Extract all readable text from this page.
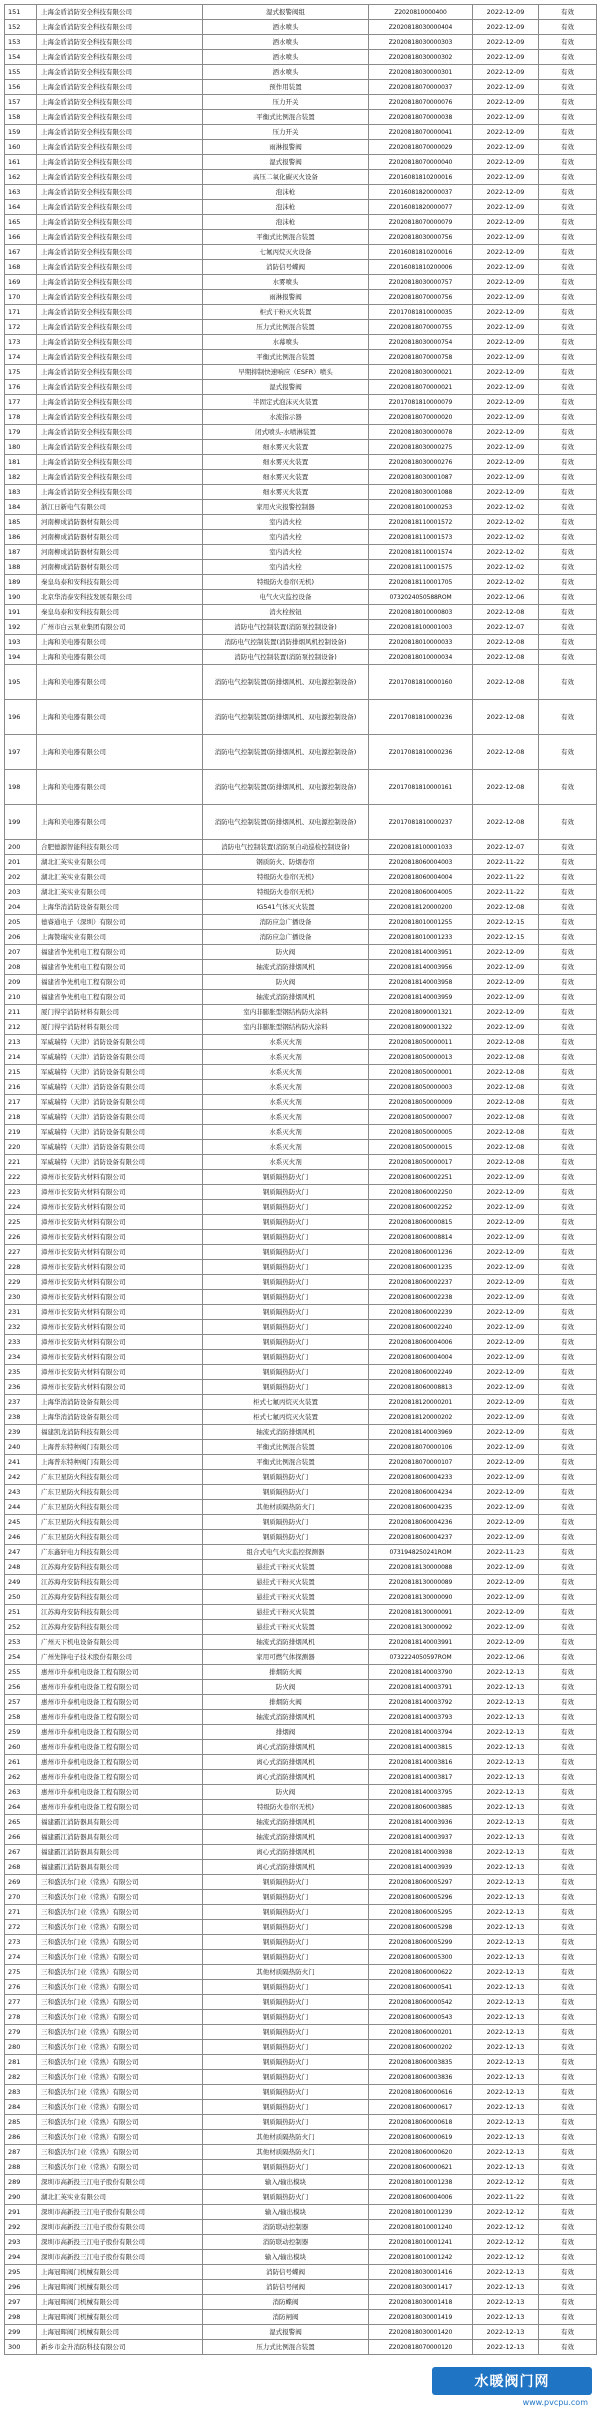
151	上海金盾消防安全科技有限公司	湿式报警阀组	Z2020810000400	2022-12-09	有效
152	上海金盾消防安全科技有限公司	洒水喷头	Z2020818030000404	2022-12-09	有效
153	上海金盾消防安全科技有限公司	洒水喷头	Z2020818030000303	2022-12-09	有效
154	上海金盾消防安全科技有限公司	洒水喷头	Z2020818030000302	2022-12-09	有效
155	上海金盾消防安全科技有限公司	洒水喷头	Z2020818030000301	2022-12-09	有效
156	上海金盾消防安全科技有限公司	预作用装置	Z2020818070000037	2022-12-09	有效
157	上海金盾消防安全科技有限公司	压力开关	Z2020818070000076	2022-12-09	有效
158	上海金盾消防安全科技有限公司	平衡式比例混合装置	Z2020818070000038	2022-12-09	有效
159	上海金盾消防安全科技有限公司	压力开关	Z2020818070000041	2022-12-09	有效
160	上海金盾消防安全科技有限公司	雨淋报警阀	Z2020818070000029	2022-12-09	有效
161	上海金盾消防安全科技有限公司	湿式报警阀	Z2020818070000040	2022-12-09	有效
162	上海金盾消防安全科技有限公司	高压二氧化碳灭火设备	Z2016081810200016	2022-12-09	有效
163	上海金盾消防安全科技有限公司	泡沫枪	Z2016081820000037	2022-12-09	有效
164	上海金盾消防安全科技有限公司	泡沫枪	Z2016081820000077	2022-12-09	有效
165	上海金盾消防安全科技有限公司	泡沫枪	Z2020818070000079	2022-12-09	有效
166	上海金盾消防安全科技有限公司	平衡式比例混合装置	Z2020818030000756	2022-12-09	有效
167	上海金盾消防安全科技有限公司	七氟丙烷灭火设备	Z2016081810200016	2022-12-09	有效
168	上海金盾消防安全科技有限公司	消防信号蝶阀	Z2016081810200006	2022-12-09	有效
169	上海金盾消防安全科技有限公司	水雾喷头	Z2020818030000757	2022-12-09	有效
170	上海金盾消防安全科技有限公司	雨淋报警阀	Z2020818070000756	2022-12-09	有效
171	上海金盾消防安全科技有限公司	柜式干粉灭火装置	Z2017081810000035	2022-12-09	有效
172	上海金盾消防安全科技有限公司	压力式比例混合装置	Z2020818070000755	2022-12-09	有效
173	上海金盾消防安全科技有限公司	水幕喷头	Z2020818030000754	2022-12-09	有效
174	上海金盾消防安全科技有限公司	平衡式比例混合装置	Z2020818070000758	2022-12-09	有效
175	上海金盾消防安全科技有限公司	早期抑制快速响应（ESFR）喷头	Z2020818030000021	2022-12-09	有效
176	上海金盾消防安全科技有限公司	湿式报警阀	Z2020818070000021	2022-12-09	有效
177	上海金盾消防安全科技有限公司	半固定式泡沫灭火装置	Z2017081810000079	2022-12-09	有效
178	上海金盾消防安全科技有限公司	水流指示器	Z2020818070000020	2022-12-09	有效
179	上海金盾消防安全科技有限公司	闭式喷头-水喷淋装置	Z2020818030000078	2022-12-09	有效
180	上海金盾消防安全科技有限公司	细水雾灭火装置	Z2020818030000275	2022-12-09	有效
181	上海金盾消防安全科技有限公司	细水雾灭火装置	Z2020818030000276	2022-12-09	有效
182	上海金盾消防安全科技有限公司	细水雾灭火装置	Z2020818030001087	2022-12-09	有效
183	上海金盾消防安全科技有限公司	细水雾灭火装置	Z2020818030001088	2022-12-09	有效
184	浙江日新电气有限公司	家用火灾报警控制器	Z2020818010000253	2022-12-02	有效
185	河南柳成消防器材有限公司	室内消火栓	Z2020818110001572	2022-12-02	有效
186	河南柳成消防器材有限公司	室内消火栓	Z2020818110001573	2022-12-02	有效
187	河南柳成消防器材有限公司	室内消火栓	Z2020818110001574	2022-12-02	有效
188	河南柳成消防器材有限公司	室内消火栓	Z2020818110001575	2022-12-02	有效
189	秦皇岛泰和安科技有限公司	特级防火卷帘(无机)	Z2020818110001705	2022-12-02	有效
190	北京华消泰安科技发展有限公司	电气火灾监控设备	0732024050588ROM	2022-12-06	有效
191	秦皇岛泰和安科技有限公司	消火栓按钮	Z2020818010000803	2022-12-08	有效
192	广州市白云泵业集团有限公司	消防电气控制装置(消防泵控制设备)	Z2020818100001003	2022-12-07	有效
193	上海和美电器有限公司	消防电气控制装置(消防排烟风机控制设备)	Z2020818010000033	2022-12-08	有效
194	上海和美电器有限公司	消防电气控制装置(消防泵控制设备)	Z2020818010000034	2022-12-08	有效
195	上海和美电器有限公司	消防电气控制装置(防排烟风机、双电源控制设备)	Z2017081810000160	2022-12-08	有效
196	上海和美电器有限公司	消防电气控制装置(防排烟风机、双电源控制设备)	Z2017081810000236	2022-12-08	有效
197	上海和美电器有限公司	消防电气控制装置(防排烟风机、双电源控制设备)	Z2017081810000236	2022-12-08	有效
198	上海和美电器有限公司	消防电气控制装置(防排烟风机、双电源控制设备)	Z2017081810000161	2022-12-08	有效
199	上海和美电器有限公司	消防电气控制装置(防排烟风机、双电源控制设备)	Z2017081810000237	2022-12-08	有效
200	合肥德源智能科技有限公司	消防电气控制装置(消防泵自动巡检控制设备)	Z2020818100001033	2022-12-07	有效
201	湖北汇英实业有限公司	钢质防火、防烟卷帘	Z2020818060004003	2022-11-22	有效
202	湖北汇英实业有限公司	特级防火卷帘(无机)	Z2020818060004004	2022-11-22	有效
203	湖北汇英实业有限公司	特级防火卷帘(无机)	Z2020818060004005	2022-11-22	有效
204	上海华消消防设备有限公司	IG541气体灭火装置	Z2020818120000200	2022-12-08	有效
205	德睿通电子（深圳）有限公司	消防应急广播设备	Z2020818010001255	2022-12-15	有效
206	上海赞瑞实业有限公司	消防应急广播设备	Z2020818010001233	2022-12-15	有效
207	福建省争先机电工程有限公司	防火阀	Z2020818140003951	2022-12-09	有效
208	福建省争先机电工程有限公司	轴流式消防排烟风机	Z2020818140003956	2022-12-09	有效
209	福建省争先机电工程有限公司	防火阀	Z2020818140003958	2022-12-09	有效
210	福建省争先机电工程有限公司	轴流式消防排烟风机	Z2020818140003959	2022-12-09	有效
211	厦门得宇消防材料有限公司	室内非膨胀型钢结构防火涂料	Z2020818090001321	2022-12-09	有效
212	厦门得宇消防材料有限公司	室内非膨胀型钢结构防火涂料	Z2020818090001322	2022-12-09	有效
213	军威瑞特（天津）消防设备有限公司	水系灭火剂	Z2020818050000011	2022-12-08	有效
214	军威瑞特（天津）消防设备有限公司	水系灭火剂	Z2020818050000013	2022-12-08	有效
215	军威瑞特（天津）消防设备有限公司	水系灭火剂	Z2020818050000001	2022-12-08	有效
216	军威瑞特（天津）消防设备有限公司	水系灭火剂	Z2020818050000003	2022-12-08	有效
217	军威瑞特（天津）消防设备有限公司	水系灭火剂	Z2020818050000009	2022-12-08	有效
218	军威瑞特（天津）消防设备有限公司	水系灭火剂	Z2020818050000007	2022-12-08	有效
219	军威瑞特（天津）消防设备有限公司	水系灭火剂	Z2020818050000005	2022-12-08	有效
220	军威瑞特（天津）消防设备有限公司	水系灭火剂	Z2020818050000015	2022-12-08	有效
221	军威瑞特（天津）消防设备有限公司	水系灭火剂	Z2020818050000017	2022-12-08	有效
222	漳州市长安防火材料有限公司	钢质隔热防火门	Z2020818060002251	2022-12-09	有效
223	漳州市长安防火材料有限公司	钢质隔热防火门	Z2020818060002250	2022-12-09	有效
224	漳州市长安防火材料有限公司	钢质隔热防火门	Z2020818060002252	2022-12-09	有效
225	漳州市长安防火材料有限公司	钢质隔热防火门	Z2020818060000815	2022-12-09	有效
226	漳州市长安防火材料有限公司	钢质隔热防火门	Z2020818060008814	2022-12-09	有效
227	漳州市长安防火材料有限公司	钢质隔热防火门	Z2020818060001236	2022-12-09	有效
228	漳州市长安防火材料有限公司	钢质隔热防火门	Z2020818060001235	2022-12-09	有效
229	漳州市长安防火材料有限公司	钢质隔热防火门	Z2020818060002237	2022-12-09	有效
230	漳州市长安防火材料有限公司	钢质隔热防火门	Z2020818060002238	2022-12-09	有效
231	漳州市长安防火材料有限公司	钢质隔热防火门	Z2020818060002239	2022-12-09	有效
232	漳州市长安防火材料有限公司	钢质隔热防火门	Z2020818060002240	2022-12-09	有效
233	漳州市长安防火材料有限公司	钢质隔热防火门	Z2020818060004006	2022-12-09	有效
234	漳州市长安防火材料有限公司	钢质隔热防火门	Z2020818060004004	2022-12-09	有效
235	漳州市长安防火材料有限公司	钢质隔热防火门	Z2020818060002249	2022-12-09	有效
236	漳州市长安防火材料有限公司	钢质隔热防火门	Z2020818060008813	2022-12-09	有效
237	上海华消消防设备有限公司	柜式七氟丙烷灭火装置	Z2020818120000201	2022-12-09	有效
238	上海华消消防设备有限公司	柜式七氟丙烷灭火装置	Z2020818120000202	2022-12-09	有效
239	福建凯龙消防科技有限公司	轴流式消防排烟风机	Z2020818140003969	2022-12-09	有效
240	上海普东特种阀门有限公司	平衡式比例混合装置	Z2020818070000106	2022-12-09	有效
241	上海普东特种阀门有限公司	平衡式比例混合装置	Z2020818070000107	2022-12-09	有效
242	广东卫星防火科技有限公司	钢质隔热防火门	Z2020818060004233	2022-12-09	有效
243	广东卫星防火科技有限公司	钢质隔热防火门	Z2020818060004234	2022-12-09	有效
244	广东卫星防火科技有限公司	其他材质隔热防火门	Z2020818060004235	2022-12-09	有效
245	广东卫星防火科技有限公司	钢质隔热防火门	Z2020818060004236	2022-12-09	有效
246	广东卫星防火科技有限公司	钢质隔热防火门	Z2020818060004237	2022-12-09	有效
247	广东鑫轩电力科技有限公司	组合式电气火灾监控探测器	0731948250241ROM	2022-11-23	有效
248	江苏海舟安防科技有限公司	悬挂式干粉灭火装置	Z2020818130000088	2022-12-09	有效
249	江苏海舟安防科技有限公司	悬挂式干粉灭火装置	Z2020818130000089	2022-12-09	有效
250	江苏海舟安防科技有限公司	悬挂式干粉灭火装置	Z2020818130000090	2022-12-09	有效
251	江苏海舟安防科技有限公司	悬挂式干粉灭火装置	Z2020818130000091	2022-12-09	有效
252	江苏海舟安防科技有限公司	悬挂式干粉灭火装置	Z2020818130000092	2022-12-09	有效
253	广州天下机电设备有限公司	轴流式消防排烟风机	Z2020818140003991	2022-12-09	有效
254	广州先锋电子技术股份有限公司	家用可燃气体探测器	0732224050597ROM	2022-12-06	有效
255	惠州市升泰机电设备工程有限公司	排烟防火阀	Z2020818140003790	2022-12-13	有效
256	惠州市升泰机电设备工程有限公司	防火阀	Z2020818140003791	2022-12-13	有效
257	惠州市升泰机电设备工程有限公司	排烟防火阀	Z2020818140003792	2022-12-13	有效
258	惠州市升泰机电设备工程有限公司	轴流式消防排烟风机	Z2020818140003793	2022-12-13	有效
259	惠州市升泰机电设备工程有限公司	排烟阀	Z2020818140003794	2022-12-13	有效
260	惠州市升泰机电设备工程有限公司	离心式消防排烟风机	Z2020818140003815	2022-12-13	有效
261	惠州市升泰机电设备工程有限公司	离心式消防排烟风机	Z2020818140003816	2022-12-13	有效
262	惠州市升泰机电设备工程有限公司	离心式消防排烟风机	Z2020818140003817	2022-12-13	有效
263	惠州市升泰机电设备工程有限公司	防火阀	Z2020818140003795	2022-12-13	有效
264	惠州市升泰机电设备工程有限公司	特级防火卷帘(无机)	Z2020818060003885	2022-12-13	有效
265	福建霸江消防器具有限公司	轴流式消防排烟风机	Z2020818140003936	2022-12-13	有效
266	福建霸江消防器具有限公司	轴流式消防排烟风机	Z2020818140003937	2022-12-13	有效
267	福建霸江消防器具有限公司	离心式消防排烟风机	Z2020818140003938	2022-12-13	有效
268	福建霸江消防器具有限公司	离心式消防排烟风机	Z2020818140003939	2022-12-13	有效
269	三和盛沃尔门业（常熟）有限公司	钢质隔热防火门	Z2020818060005297	2022-12-13	有效
270	三和盛沃尔门业（常熟）有限公司	钢质隔热防火门	Z2020818060005296	2022-12-13	有效
271	三和盛沃尔门业（常熟）有限公司	钢质隔热防火门	Z2020818060005295	2022-12-13	有效
272	三和盛沃尔门业（常熟）有限公司	钢质隔热防火门	Z2020818060005298	2022-12-13	有效
273	三和盛沃尔门业（常熟）有限公司	钢质隔热防火门	Z2020818060005299	2022-12-13	有效
274	三和盛沃尔门业（常熟）有限公司	钢质隔热防火门	Z2020818060005300	2022-12-13	有效
275	三和盛沃尔门业（常熟）有限公司	其他材质隔热防火门	Z2020818060000622	2022-12-13	有效
276	三和盛沃尔门业（常熟）有限公司	钢质隔热防火门	Z2020818060000541	2022-12-13	有效
277	三和盛沃尔门业（常熟）有限公司	钢质隔热防火门	Z2020818060000542	2022-12-13	有效
278	三和盛沃尔门业（常熟）有限公司	钢质隔热防火门	Z2020818060000543	2022-12-13	有效
279	三和盛沃尔门业（常熟）有限公司	钢质隔热防火门	Z2020818060000201	2022-12-13	有效
280	三和盛沃尔门业（常熟）有限公司	钢质隔热防火门	Z2020818060000202	2022-12-13	有效
281	三和盛沃尔门业（常熟）有限公司	钢质隔热防火门	Z2020818060003835	2022-12-13	有效
282	三和盛沃尔门业（常熟）有限公司	钢质隔热防火门	Z2020818060003836	2022-12-13	有效
283	三和盛沃尔门业（常熟）有限公司	钢质隔热防火门	Z2020818060000616	2022-12-13	有效
284	三和盛沃尔门业（常熟）有限公司	钢质隔热防火门	Z2020818060000617	2022-12-13	有效
285	三和盛沃尔门业（常熟）有限公司	钢质隔热防火门	Z2020818060000618	2022-12-13	有效
286	三和盛沃尔门业（常熟）有限公司	其他材质隔热防火门	Z2020818060000619	2022-12-13	有效
287	三和盛沃尔门业（常熟）有限公司	其他材质隔热防火门	Z2020818060000620	2022-12-13	有效
288	三和盛沃尔门业（常熟）有限公司	钢质隔热防火门	Z2020818060000621	2022-12-13	有效
289	深圳市高新投三江电子股份有限公司	输入/输出模块	Z2020818010001238	2022-12-12	有效
290	湖北汇英实业有限公司	钢质隔热防火门	Z2020818060004006	2022-11-22	有效
291	深圳市高新投三江电子股份有限公司	输入/输出模块	Z2020818010001239	2022-12-12	有效
292	深圳市高新投三江电子股份有限公司	消防联动控制器	Z2020818010001240	2022-12-12	有效
293	深圳市高新投三江电子股份有限公司	消防联动控制器	Z2020818010001241	2022-12-12	有效
294	深圳市高新投三江电子股份有限公司	输入/输出模块	Z2020818010001242	2022-12-12	有效
295	上海冠晖阀门机械有限公司	消防信号蝶阀	Z2020818030001416	2022-12-13	有效
296	上海冠晖阀门机械有限公司	消防信号闸阀	Z2020818030001417	2022-12-13	有效
297	上海冠晖阀门机械有限公司	消防蝶阀	Z2020818030001418	2022-12-13	有效
298	上海冠晖阀门机械有限公司	消防闸阀	Z2020818030001419	2022-12-13	有效
299	上海冠晖阀门机械有限公司	湿式报警阀	Z2020818030001420	2022-12-13	有效
300	新乡市金升消防科技有限公司	压力式比例混合装置	Z2020818070000120	2022-12-13	有效
水暖阀门网
www.pvcpu.com
